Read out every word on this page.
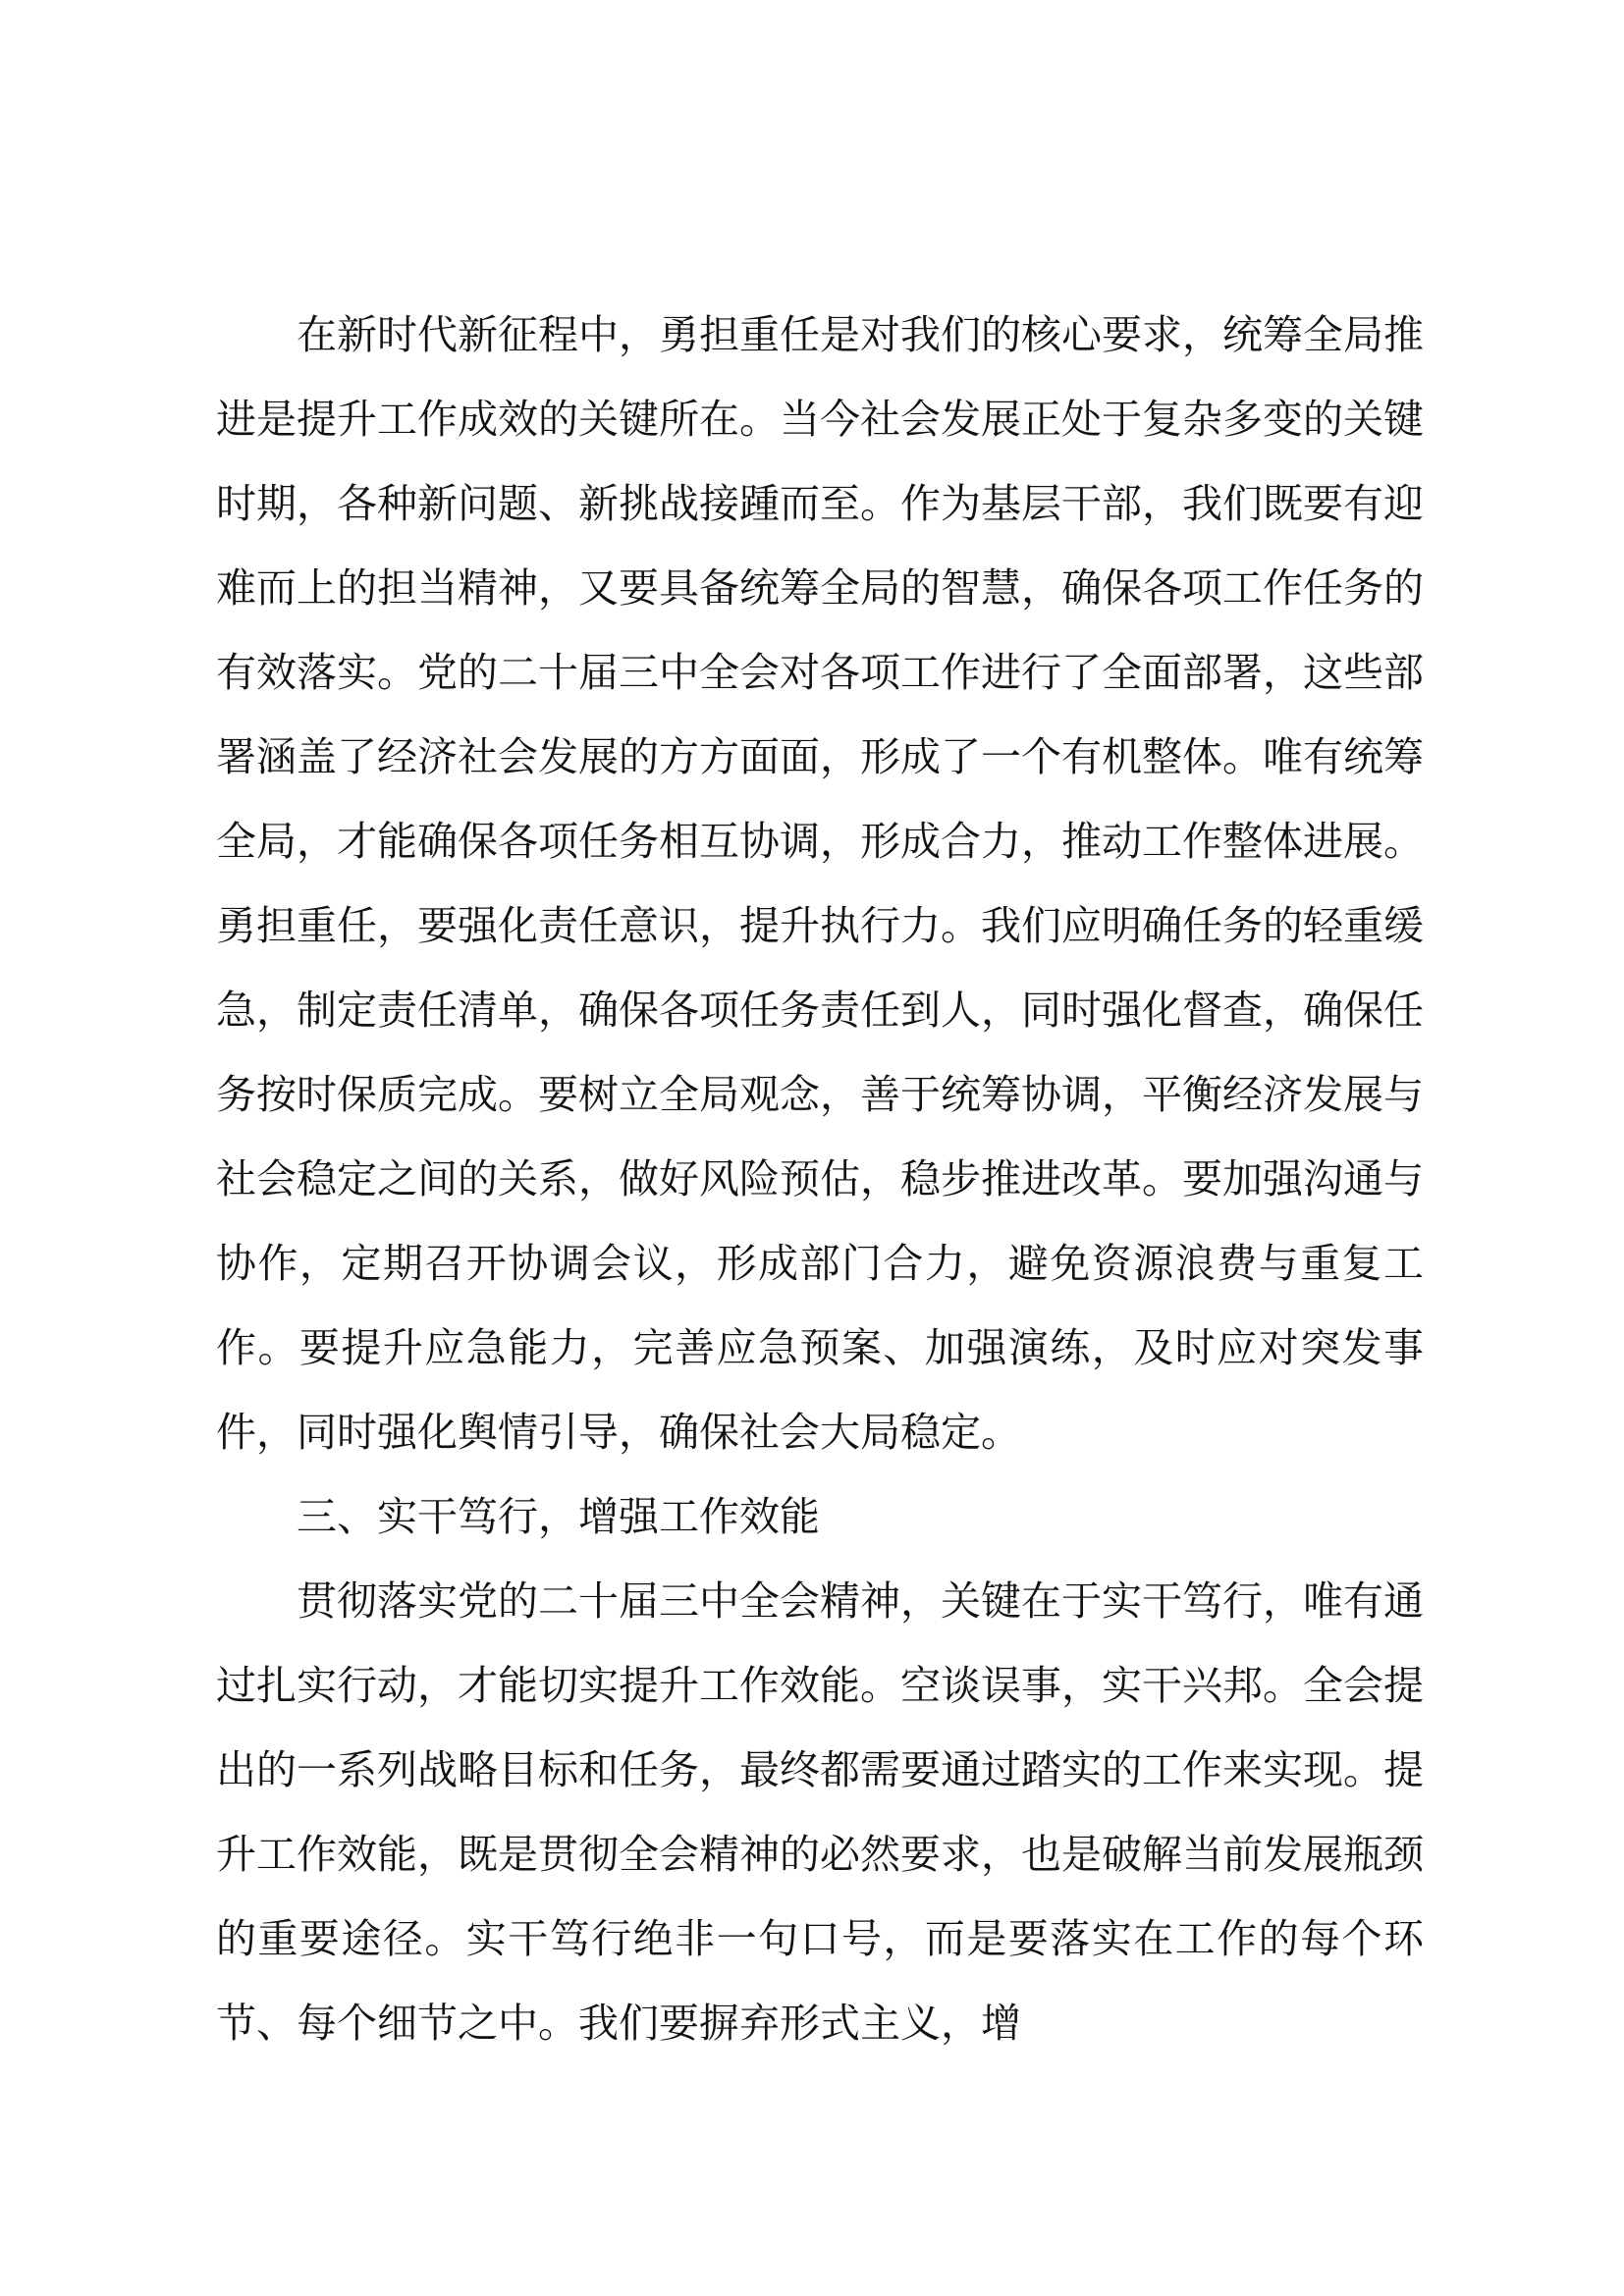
在新时代新征程中，勇担重任是对我们的核心要求，统筹全局推进是提升工作成效的关键所在。当今社会发展正处于复杂多变的关键时期，各种新问题、新挑战接踵而至。作为基层干部，我们既要有迎难而上的担当精神，又要具备统筹全局的智慧，确保各项工作任务的有效落实。党的二十届三中全会对各项工作进行了全面部署，这些部署涵盖了经济社会发展的方方面面，形成了一个有机整体。唯有统筹全局，才能确保各项任务相互协调，形成合力，推动工作整体进展。勇担重任，要强化责任意识，提升执行力。我们应明确任务的轻重缓急，制定责任清单，确保各项任务责任到人，同时强化督查，确保任务按时保质完成。要树立全局观念，善于统筹协调，平衡经济发展与社会稳定之间的关系，做好风险预估，稳步推进改革。要加强沟通与协作，定期召开协调会议，形成部门合力，避免资源浪费与重复工作。要提升应急能力，完善应急预案、加强演练，及时应对突发事件，同时强化舆情引导，确保社会大局稳定。

三、实干笃行，增强工作效能

贯彻落实党的二十届三中全会精神，关键在于实干笃行，唯有通过扎实行动，才能切实提升工作效能。空谈误事，实干兴邦。全会提出的一系列战略目标和任务，最终都需要通过踏实的工作来实现。提升工作效能，既是贯彻全会精神的必然要求，也是破解当前发展瓶颈的重要途径。实干笃行绝非一句口号，而是要落实在工作的每个环节、每个细节之中。我们要摒弃形式主义，增
